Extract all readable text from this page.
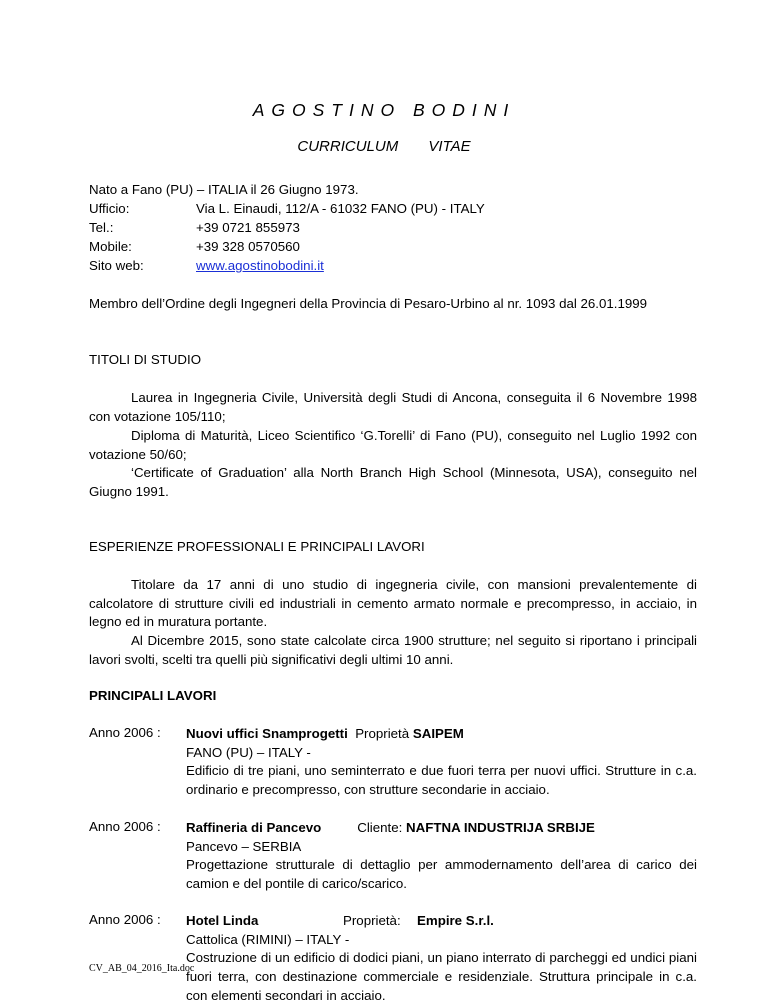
AGOSTINO BODINI
CURRICULUM VITAE
Nato a Fano (PU) – ITALIA il 26 Giugno 1973.
Ufficio:	Via L. Einaudi, 112/A - 61032 FANO (PU) - ITALY
Tel.:	+39 0721 855973
Mobile:	+39 328 0570560
Sito web:	www.agostinobodini.it
Membro dell’Ordine degli Ingegneri della Provincia di Pesaro-Urbino al nr. 1093 dal 26.01.1999
TITOLI DI STUDIO
Laurea in Ingegneria Civile, Università degli Studi di Ancona, conseguita il 6 Novembre 1998 con votazione 105/110;
Diploma di Maturità, Liceo Scientifico ‘G.Torelli’ di Fano (PU), conseguito nel Luglio 1992 con votazione 50/60;
‘Certificate of Graduation’ alla North Branch High School (Minnesota, USA), conseguito nel Giugno 1991.
ESPERIENZE PROFESSIONALI E PRINCIPALI LAVORI
Titolare da 17 anni di uno studio di ingegneria civile, con mansioni prevalentemente di calcolatore di strutture civili ed industriali in cemento armato normale e precompresso, in acciaio, in legno ed in muratura portante.
Al Dicembre 2015, sono state calcolate circa 1900 strutture; nel seguito si riportano i principali lavori svolti, scelti tra quelli più significativi degli ultimi 10 anni.
PRINCIPALI LAVORI
Anno 2006 : Nuovi uffici Snamprogetti Proprietà SAIPEM
FANO (PU) – ITALY -
Edificio di tre piani, uno seminterrato e due fuori terra per nuovi uffici. Strutture in c.a. ordinario e precompresso, con strutture secondarie in acciaio.
Anno 2006 : Raffineria di Pancevo	Cliente: NAFTNA INDUSTRIJA SRBIJE
Pancevo – SERBIA
Progettazione strutturale di dettaglio per ammodernamento dell’area di carico dei camion e del pontile di carico/scarico.
Anno 2006 : Hotel Linda	Proprietà: Empire S.r.l.
Cattolica (RIMINI) – ITALY -
Costruzione di un edificio di dodici piani, un piano interrato di parcheggi ed undici piani fuori terra, con destinazione commerciale e residenziale. Struttura principale in c.a. con elementi secondari in acciaio.
CV_AB_04_2016_Ita.doc
